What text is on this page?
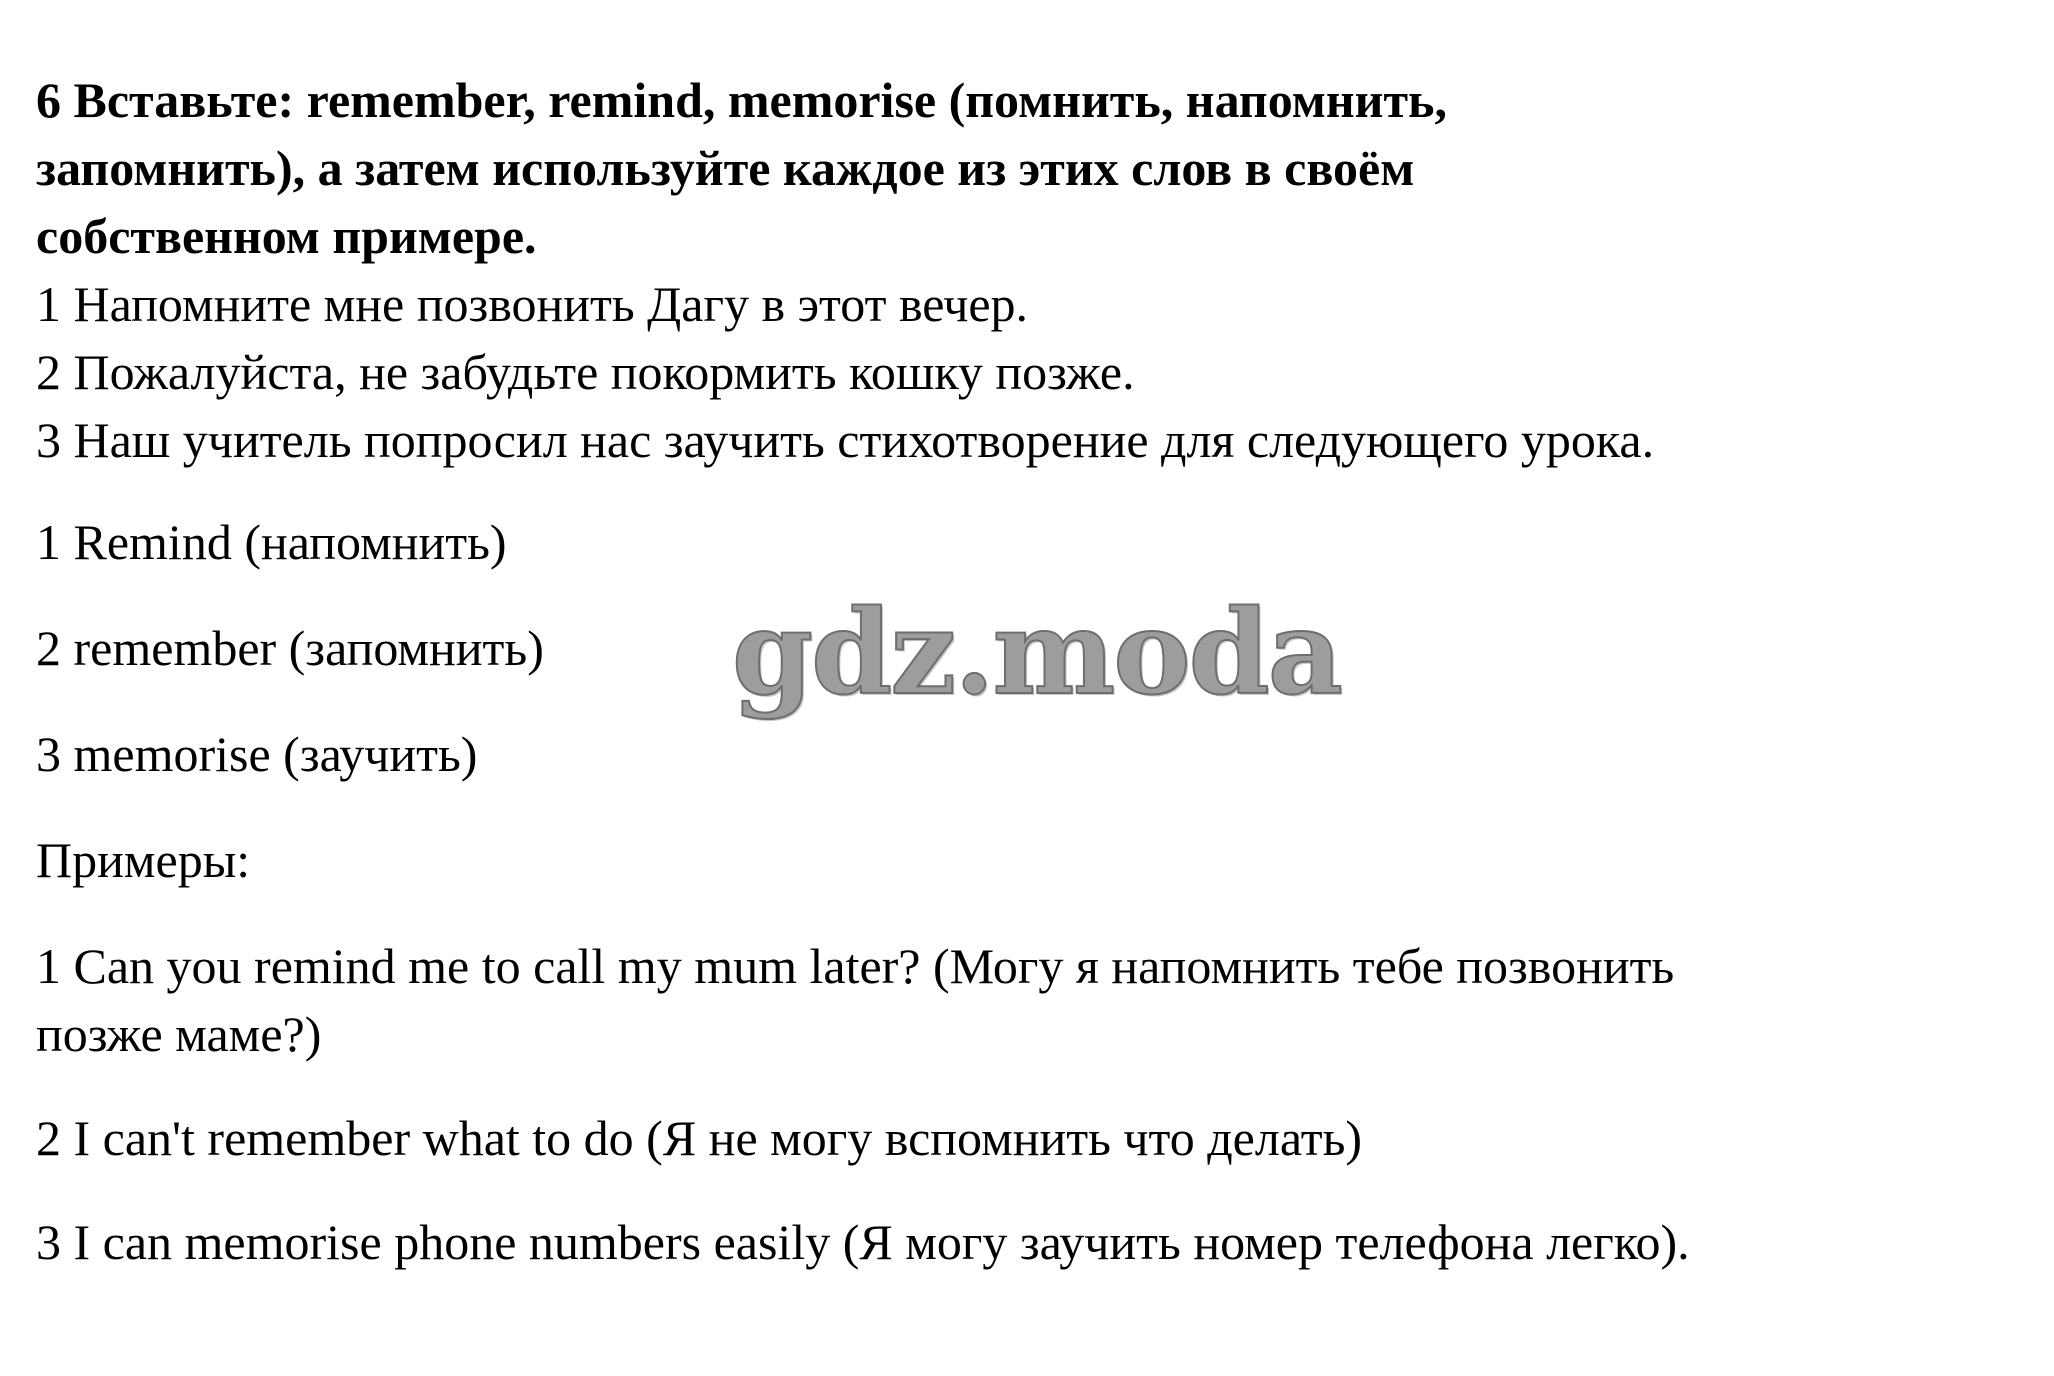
6 Вставьте: remember, remind, memorise (помнить, напомнить,

запомнить), а затем используйте каждое из этих слов в своём

собственном примере.

1 Напомните мне позвонить Дагу в этот вечер.

2 Пожалуйста, не забудьте покормить кошку позже.

3 Наш учитель попросил нас заучить стихотворение для следующего урока.

1 Remind (напомнить)

2 remember (запомнить)

3 memorise (заучить)

Примеры:

1 Can you remind me to call my mum later? (Могу я напомнить тебе позвонить

позже маме?)

2 I can't remember what to do (Я не могу вспомнить что делать)

3 I can memorise phone numbers easily (Я могу заучить номер телефона легко).

gdz.moda
